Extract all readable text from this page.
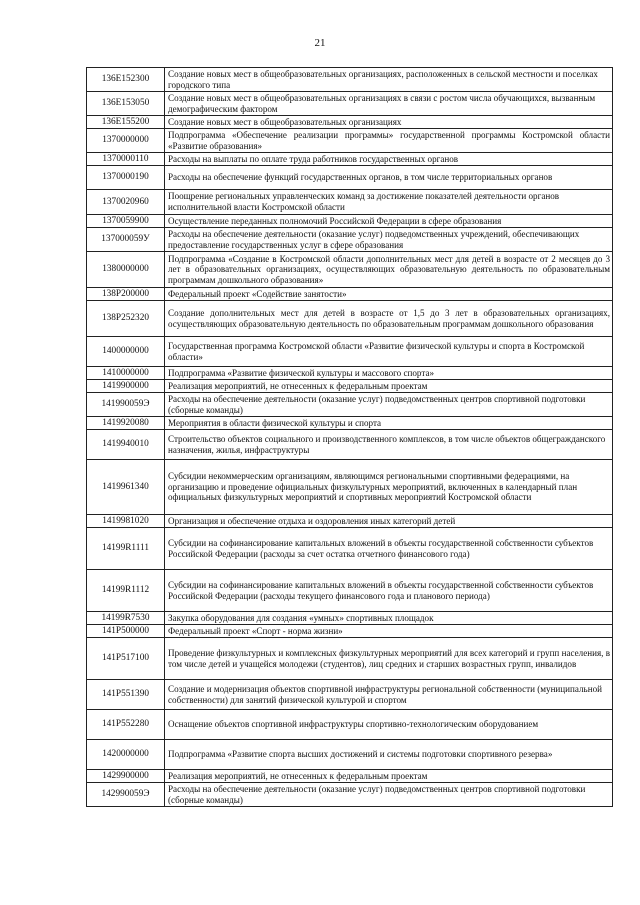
21
136E152300	Создание новых мест в общеобразовательных организациях, расположенных в сельской местности и поселках городского типа
136E153050	Создание новых мест в общеобразовательных организациях в связи с ростом числа обучающихся, вызванным демографическим фактором
136E155200	Создание новых мест в общеобразовательных организациях
1370000000	Подпрограмма «Обеспечение реализации программы» государственной программы Костромской области «Развитие образования»
1370000110	Расходы на выплаты по оплате труда работников государственных органов
1370000190	Расходы на обеспечение функций государственных органов, в том числе территориальных органов
1370020960	Поощрение региональных управленческих команд за достижение показателей деятельности органов исполнительной власти Костромской области
1370059900	Осуществление переданных полномочий Российской Федерации в сфере образования
137000059У	Расходы на обеспечение деятельности (оказание услуг) подведомственных учреждений, обеспечивающих предоставление государственных услуг в сфере образования
1380000000	Подпрограмма «Создание в Костромской области дополнительных мест для детей в возрасте от 2 месяцев до 3 лет в образовательных организациях, осуществляющих образовательную деятельность по образовательным программам дошкольного образования»
138P200000	Федеральный проект «Содействие занятости»
138P252320	Создание дополнительных мест для детей в возрасте от 1,5 до 3 лет в образовательных организациях, осуществляющих образовательную деятельность по образовательным программам дошкольного образования
1400000000	Государственная программа Костромской области «Развитие физической культуры и спорта в Костромской области»
1410000000	Подпрограмма «Развитие физической культуры и массового спорта»
1419900000	Реализация мероприятий, не отнесенных к федеральным проектам
141990059Э	Расходы на обеспечение деятельности (оказание услуг) подведомственных центров спортивной подготовки (сборные команды)
1419920080	Мероприятия в области физической культуры и спорта
1419940010	Строительство объектов социального и производственного комплексов, в том числе объектов общегражданского назначения, жилья, инфраструктуры
1419961340	Субсидии некоммерческим организациям, являющимся региональными спортивными федерациями, на организацию и проведение официальных физкультурных мероприятий, включенных в календарный план официальных физкультурных мероприятий и спортивных мероприятий Костромской области
1419981020	Организация и обеспечение отдыха и оздоровления иных категорий детей
14199R1111	Субсидии на софинансирование капитальных вложений в объекты государственной собственности субъектов Российской Федерации (расходы за счет остатка отчетного финансового года)
14199R1112	Субсидии на софинансирование капитальных вложений в объекты государственной собственности субъектов Российской Федерации (расходы текущего финансового года и планового периода)
14199R7530	Закупка оборудования для создания «умных» спортивных площадок
141P500000	Федеральный проект «Спорт - норма жизни»
141P517100	Проведение физкультурных и комплексных физкультурных мероприятий для всех категорий и групп населения, в том числе детей и учащейся молодежи (студентов), лиц средних и старших возрастных групп, инвалидов
141P551390	Создание и модернизация объектов спортивной инфраструктуры региональной собственности (муниципальной собственности) для занятий физической культурой и спортом
141P552280	Оснащение объектов спортивной инфраструктуры спортивно-технологическим оборудованием
1420000000	Подпрограмма «Развитие спорта высших достижений и системы подготовки спортивного резерва»
1429900000	Реализация мероприятий, не отнесенных к федеральным проектам
142990059Э	Расходы на обеспечение деятельности (оказание услуг) подведомственных центров спортивной подготовки (сборные команды)
